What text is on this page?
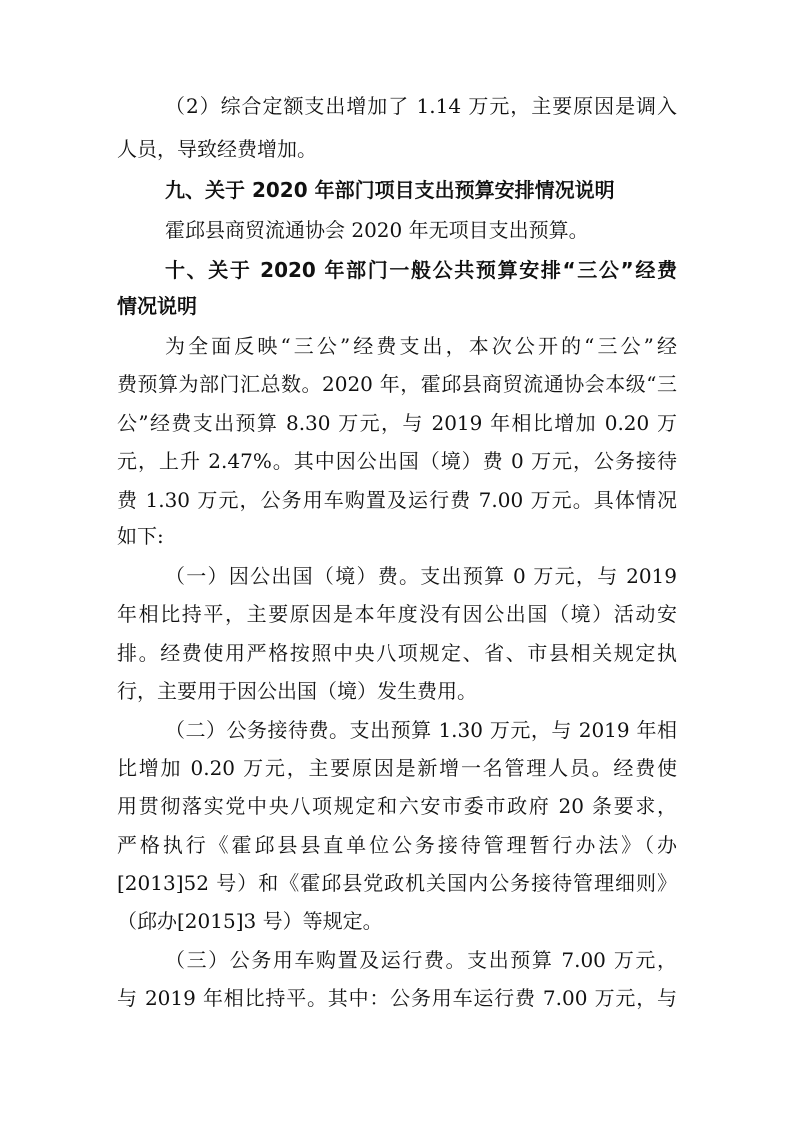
（2）综合定额支出增加了 1.14 万元，主要原因是调入
人员，导致经费增加。
九、关于 2020 年部门项目支出预算安排情况说明
霍邱县商贸流通协会 2020 年无项目支出预算。
十、关于 2020 年部门一般公共预算安排“三公”经费
情况说明
为全面反映“三公”经费支出，本次公开的“三公”经
费预算为部门汇总数。2020 年，霍邱县商贸流通协会本级“三
公”经费支出预算 8.30 万元，与 2019 年相比增加 0.20 万
元，上升 2.47%。其中因公出国（境）费 0 万元，公务接待
费 1.30 万元，公务用车购置及运行费 7.00 万元。具体情况
如下:
（一）因公出国（境）费。支出预算 0 万元，与 2019
年相比持平，主要原因是本年度没有因公出国（境）活动安
排。经费使用严格按照中央八项规定、省、市县相关规定执
行，主要用于因公出国（境）发生费用。
（二）公务接待费。支出预算 1.30 万元，与 2019 年相
比增加 0.20 万元，主要原因是新增一名管理人员。经费使
用贯彻落实党中央八项规定和六安市委市政府 20 条要求，
严格执行《霍邱县县直单位公务接待管理暂行办法》（办
[2013]52 号）和《霍邱县党政机关国内公务接待管理细则》
（邱办[2015]3 号）等规定。
（三）公务用车购置及运行费。支出预算 7.00 万元，
与 2019 年相比持平。其中：公务用车运行费 7.00 万元，与
